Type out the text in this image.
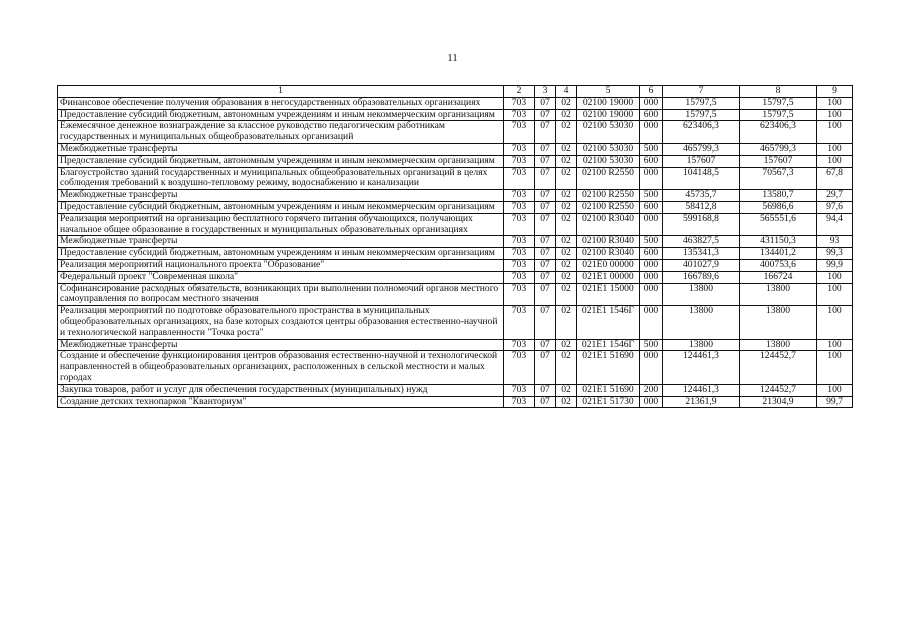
11
1	2	3	4	5	6	7	8	9
Финансовое обеспечение получения образования в негосударственных образовательных организациях	703	07	02	02100 19000	000	15797,5	15797,5	100
Предоставление субсидий бюджетным, автономным учреждениям и иным некоммерческим организациям	703	07	02	02100 19000	600	15797,5	15797,5	100
Ежемесячное денежное вознаграждение за классное руководство педагогическим работникам государственных и муниципальных общеобразовательных организаций	703	07	02	02100 53030	000	623406,3	623406,3	100
Межбюджетные трансферты	703	07	02	02100 53030	500	465799,3	465799,3	100
Предоставление субсидий бюджетным, автономным учреждениям и иным некоммерческим организациям	703	07	02	02100 53030	600	157607	157607	100
Благоустройство зданий государственных и муниципальных общеобразовательных организаций в целях соблюдения требований к воздушно-тепловому режиму, водоснабжению и канализации	703	07	02	02100 R2550	000	104148,5	70567,3	67,8
Межбюджетные трансферты	703	07	02	02100 R2550	500	45735,7	13580,7	29,7
Предоставление субсидий бюджетным, автономным учреждениям и иным некоммерческим организациям	703	07	02	02100 R2550	600	58412,8	56986,6	97,6
Реализация мероприятий на организацию бесплатного горячего питания обучающихся, получающих начальное общее образование в государственных и муниципальных образовательных организациях	703	07	02	02100 R3040	000	599168,8	565551,6	94,4
Межбюджетные трансферты	703	07	02	02100 R3040	500	463827,5	431150,3	93
Предоставление субсидий бюджетным, автономным учреждениям и иным некоммерческим организациям	703	07	02	02100 R3040	600	135341,3	134401,2	99,3
Реализация мероприятий национального проекта "Образование"	703	07	02	021E0 00000	000	401027,9	400753,6	99,9
Федеральный проект "Современная школа"	703	07	02	021E1 00000	000	166789,6	166724	100
Софинансирование расходных обязательств, возникающих при выполнении полномочий органов местного самоуправления по вопросам местного значения	703	07	02	021E1 15000	000	13800	13800	100
Реализация мероприятий по подготовке образовательного пространства в муниципальных общеобразовательных организациях, на базе которых создаются центры образования естественно-научной и технологической направленности "Точка роста"	703	07	02	021E1 1546Г	000	13800	13800	100
Межбюджетные трансферты	703	07	02	021E1 1546Г	500	13800	13800	100
Создание и обеспечение функционирования центров образования естественно-научной и технологической направленностей в общеобразовательных организациях, расположенных в сельской местности и малых городах	703	07	02	021E1 51690	000	124461,3	124452,7	100
Закупка товаров, работ и услуг для обеспечения государственных (муниципальных) нужд	703	07	02	021E1 51690	200	124461,3	124452,7	100
Создание детских технопарков "Кванториум"	703	07	02	021E1 51730	000	21361,9	21304,9	99,7
